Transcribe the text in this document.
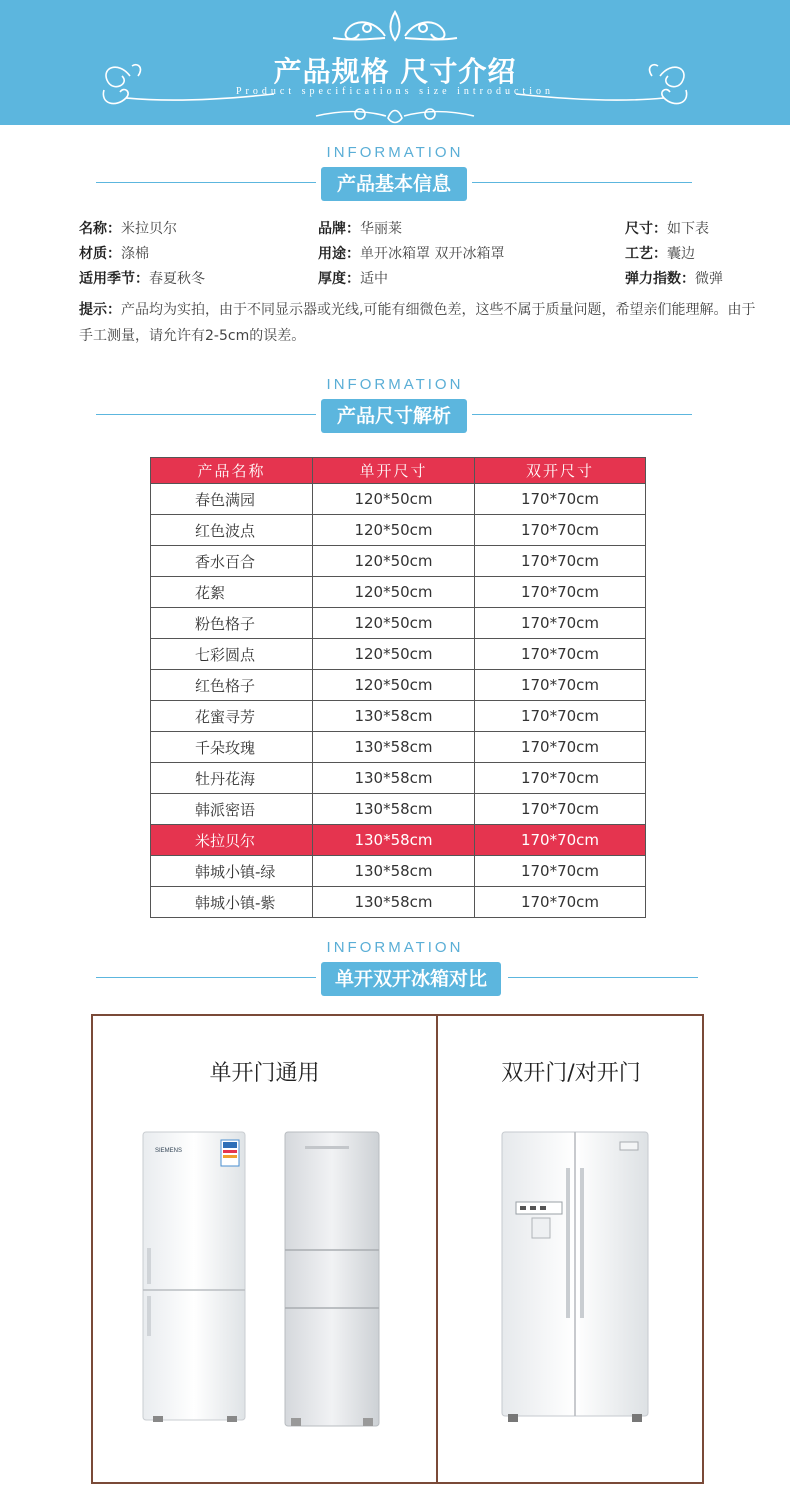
产品规格 尺寸介绍
Product specifications size introduction
INFORMATION
产品基本信息
名称：米拉贝尔	品牌：华丽莱	尺寸：如下表
材质：涤棉	用途：单开冰箱罩 双开冰箱罩	工艺：囊边
适用季节：春夏秋冬	厚度：适中	弹力指数：微弹
提示：产品均为实拍，由于不同显示器或光线,可能有细微色差，这些不属于质量问题，希望亲们能理解。由于手工测量，请允许有2-5cm的误差。
INFORMATION
产品尺寸解析
产品名称	单开尺寸	双开尺寸
春色满园	120*50cm	170*70cm
红色波点	120*50cm	170*70cm
香水百合	120*50cm	170*70cm
花絮	120*50cm	170*70cm
粉色格子	120*50cm	170*70cm
七彩圆点	120*50cm	170*70cm
红色格子	120*50cm	170*70cm
花蜜寻芳	130*58cm	170*70cm
千朵玫瑰	130*58cm	170*70cm
牡丹花海	130*58cm	170*70cm
韩派密语	130*58cm	170*70cm
米拉贝尔	130*58cm	170*70cm
韩城小镇-绿	130*58cm	170*70cm
韩城小镇-紫	130*58cm	170*70cm
INFORMATION
单开双开冰箱对比
单开门通用	双开门/对开门
SIEMENS
